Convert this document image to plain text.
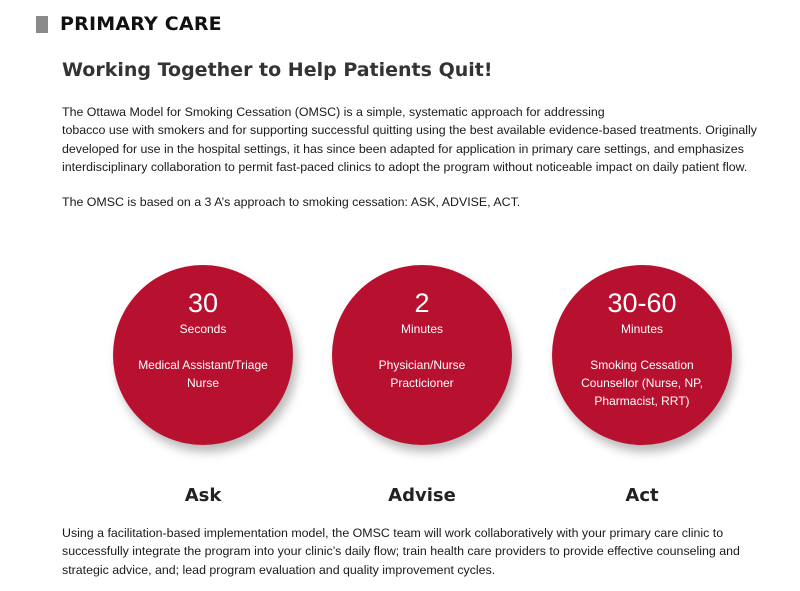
PRIMARY CARE
Working Together to Help Patients Quit!
The Ottawa Model for Smoking Cessation (OMSC) is a simple, systematic approach for addressing
tobacco use with smokers and for supporting successful quitting using the best available evidence-based treatments. Originally
developed for use in the hospital settings, it has since been adapted for application in primary care settings, and emphasizes
interdisciplinary collaboration to permit fast-paced clinics to adopt the program without noticeable impact on daily patient flow.
The OMSC is based on a 3 A’s approach to smoking cessation: ASK, ADVISE, ACT.
30
Seconds
Medical Assistant/Triage
Nurse
Ask
2
Minutes
Physician/Nurse
Practicioner
Advise
30-60
Minutes
Smoking Cessation
Counsellor (Nurse, NP,
Pharmacist, RRT)
Act
Using a facilitation-based implementation model, the OMSC team will work collaboratively with your primary care clinic to
successfully integrate the program into your clinic’s daily flow; train health care providers to provide effective counseling and
strategic advice, and; lead program evaluation and quality improvement cycles.
